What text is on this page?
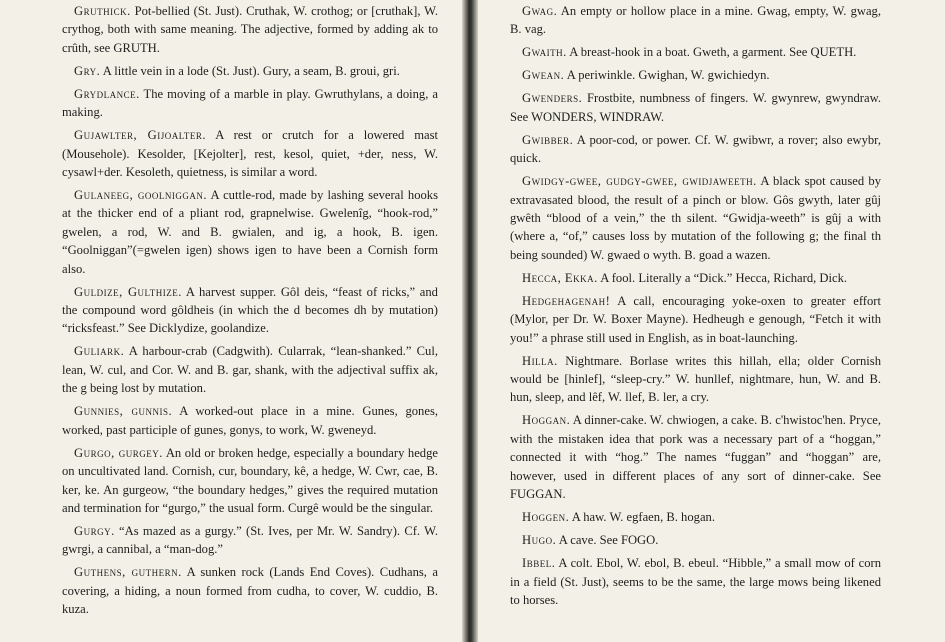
Gruthick. Pot-bellied (St. Just). Cruthak, W. crothog; or [cruthak], W. crythog, both with same meaning. The adjective, formed by adding ak to crûth, see GRUTH.

Gry. A little vein in a lode (St. Just). Gury, a seam, B. groui, gri.

Grydlance. The moving of a marble in play. Gwruthylans, a doing, a making.

Gujawlter, Gijoalter. A rest or crutch for a lowered mast (Mousehole). Kesolder, [Kejolter], rest, kesol, quiet, +der, ness, W. cysawl+der. Kesoleth, quietness, is similar a word.

Gulaneeg, goolniggan. A cuttle-rod, made by lashing several hooks at the thicker end of a pliant rod, grapnelwise. Gwelenîg, “hook-rod,” gwelen, a rod, W. and B. gwialen, and ig, a hook, B. igen. “Goolniggan”(=gwelen igen) shows igen to have been a Cornish form also.

Guldize, Gulthize. A harvest supper. Gôl deis, “feast of ricks,” and the compound word gôldheis (in which the d becomes dh by mutation) “ricksfeast.” See Dicklydize, goolandize.

Guliark. A harbour-crab (Cadgwith). Cularrak, “lean-shanked.” Cul, lean, W. cul, and Cor. W. and B. gar, shank, with the adjectival suffix ak, the g being lost by mutation.

Gunnies, gunnis. A worked-out place in a mine. Gunes, gones, worked, past participle of gunes, gonys, to work, W. gweneyd.

Gurgo, gurgey. An old or broken hedge, especially a boundary hedge on uncultivated land. Cornish, cur, boundary, kê, a hedge, W. Cwr, cae, B. ker, ke. An gurgeow, “the boundary hedges,” gives the required mutation and termination for “gurgo,” the usual form. Curgê would be the singular.

Gurgy. “As mazed as a gurgy.” (St. Ives, per Mr. W. Sandry). Cf. W. gwrgi, a cannibal, a “man-dog.”

Guthens, guthern. A sunken rock (Lands End Coves). Cudhans, a covering, a hiding, a noun formed from cudha, to cover, W. cuddio, B. kuza.

Gwag. An empty or hollow place in a mine. Gwag, empty, W. gwag, B. vag.

Gwaith. A breast-hook in a boat. Gweth, a garment. See QUETH.

Gwean. A periwinkle. Gwighan, W. gwichiedyn.

Gwenders. Frostbite, numbness of fingers. W. gwynrew, gwyndraw. See WONDERS, WINDRAW.

Gwibber. A poor-cod, or power. Cf. W. gwibwr, a rover; also ewybr, quick.

Gwidgy-gwee, gudgy-gwee, gwidjaweeth. A black spot caused by extravasated blood, the result of a pinch or blow. Gôs gwyth, later gûj gwêth “blood of a vein,” the th silent. “Gwidja-weeth” is gûj a with (where a, “of,” causes loss by mutation of the following g; the final th being sounded) W. gwaed o wyth. B. goad a wazen.

Hecca, Ekka. A fool. Literally a “Dick.” Hecca, Richard, Dick.

Hedgehagenah! A call, encouraging yoke-oxen to greater effort (Mylor, per Dr. W. Boxer Mayne). Hedheugh e genough, “Fetch it with you!” a phrase still used in English, as in boat-launching.

Hilla. Nightmare. Borlase writes this hillah, ella; older Cornish would be [hinlef], “sleep-cry.” W. hunllef, nightmare, hun, W. and B. hun, sleep, and lêf, W. llef, B. ler, a cry.

Hoggan. A dinner-cake. W. chwiogen, a cake. B. c'hwistoc'hen. Pryce, with the mistaken idea that pork was a necessary part of a “hoggan,” connected it with “hog.” The names “fuggan” and “hoggan” are, however, used in different places of any sort of dinner-cake. See FUGGAN.

Hoggen. A haw. W. egfaen, B. hogan.

Hugo. A cave. See FOGO.

Ibbel. A colt. Ebol, W. ebol, B. ebeul. “Hibble,” a small mow of corn in a field (St. Just), seems to be the same, the large mows being likened to horses.
